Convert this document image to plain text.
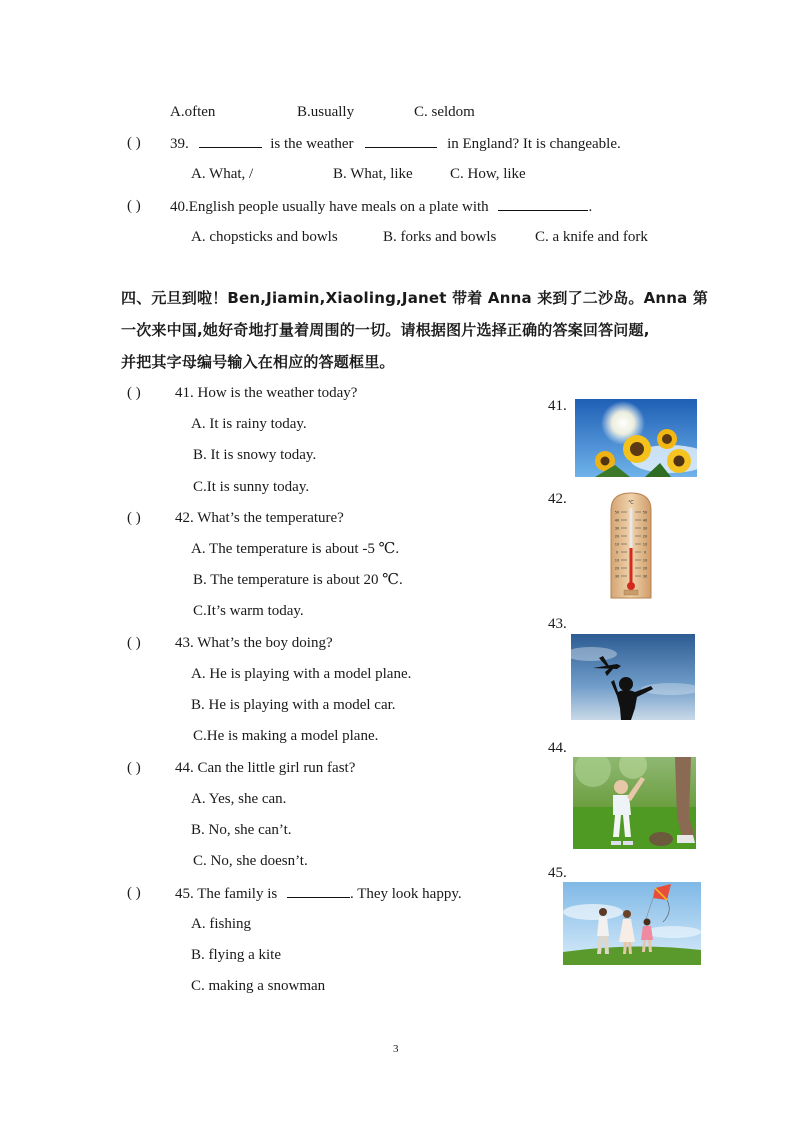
A.often	B.usually	C. seldom
( ) 39.	is the weather	in England? It is changeable.
A. What, /	B. What, like C. How, like
( ) 40.English people usually have meals on a plate with	.
A. chopsticks and bowls	B. forks and bowls	C. a knife and fork
四、元旦到啦！Ben,Jiamin,Xiaoling,Janet 带着 Anna 来到了二沙岛。Anna 第
一次来中国,她好奇地打量着周围的一切。请根据图片选择正确的答案回答问题,
并把其字母编号输入在相应的答题框里。
( ) 41. How is the weather today?
A. It is rainy today.
B. It is snowy today.
C.It is sunny today.
( ) 42. What’s the temperature?
A. The temperature is about -5 ℃.
B. The temperature is about 20 ℃.
C.It’s warm today.
( ) 43. What’s the boy doing?
A. He is playing with a model plane.
B. He is playing with a model car.
C.He is making a model plane.
( ) 44. Can the little girl run fast?
A. Yes, she can.
B. No, she can’t.
C. No, she doesn’t.
( ) 45. The family is	. They look happy.
A. fishing
B. flying a kite
C. making a snowman
41.
42.
43.
44.
45.
℃
50
40
30
20
10
0
10
20
30
50
40
30
20
10
0
10
20
30
3
